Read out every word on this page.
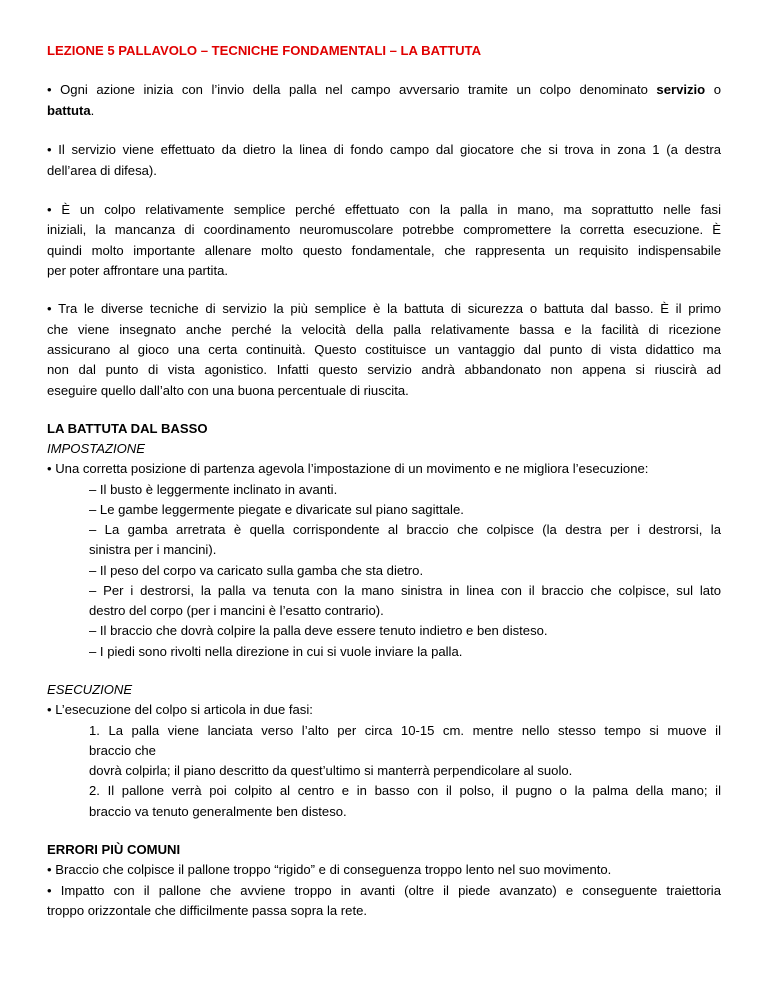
LEZIONE 5 PALLAVOLO – TECNICHE FONDAMENTALI – LA BATTUTA
• Ogni azione inizia con l’invio della palla nel campo avversario tramite un colpo denominato servizio o
battuta.
• Il servizio viene effettuato da dietro la linea di fondo campo dal giocatore che si trova in zona 1 (a destra
dell’area di difesa).
• È un colpo relativamente semplice perché effettuato con la palla in mano, ma soprattutto nelle fasi
iniziali, la mancanza di coordinamento neuromuscolare potrebbe compromettere la corretta esecuzione. È
quindi molto importante allenare molto questo fondamentale, che rappresenta un requisito indispensabile
per poter affrontare una partita.
• Tra le diverse tecniche di servizio la più semplice è la battuta di sicurezza o battuta dal basso. È il primo
che viene insegnato anche perché la velocità della palla relativamente bassa e la facilità di ricezione
assicurano al gioco una certa continuità. Questo costituisce un vantaggio dal punto di vista didattico ma
non dal punto di vista agonistico. Infatti questo servizio andrà abbandonato non appena si riuscirà ad
eseguire quello dall’alto con una buona percentuale di riuscita.
LA BATTUTA DAL BASSO
IMPOSTAZIONE
• Una corretta posizione di partenza agevola l’impostazione di un movimento e ne migliora l’esecuzione:
– Il busto è leggermente inclinato in avanti.
– Le gambe leggermente piegate e divaricate sul piano sagittale.
– La gamba arretrata è quella corrispondente al braccio che colpisce (la destra per i destrorsi, la
sinistra per i mancini).
– Il peso del corpo va caricato sulla gamba che sta dietro.
– Per i destrorsi, la palla va tenuta con la mano sinistra in linea con il braccio che colpisce, sul lato
destro del corpo (per i mancini è l’esatto contrario).
– Il braccio che dovrà colpire la palla deve essere tenuto indietro e ben disteso.
– I piedi sono rivolti nella direzione in cui si vuole inviare la palla.
ESECUZIONE
• L’esecuzione del colpo si articola in due fasi:
1. La palla viene lanciata verso l’alto per circa 10-15 cm. mentre nello stesso tempo si muove il
braccio che
dovrà colpirla; il piano descritto da quest’ultimo si manterrà perpendicolare al suolo.
2. Il pallone verrà poi colpito al centro e in basso con il polso, il pugno o la palma della mano; il
braccio va tenuto generalmente ben disteso.
ERRORI PIÙ COMUNI
• Braccio che colpisce il pallone troppo “rigido” e di conseguenza troppo lento nel suo movimento.
• Impatto con il pallone che avviene troppo in avanti (oltre il piede avanzato) e conseguente traiettoria
troppo orizzontale che difficilmente passa sopra la rete.
